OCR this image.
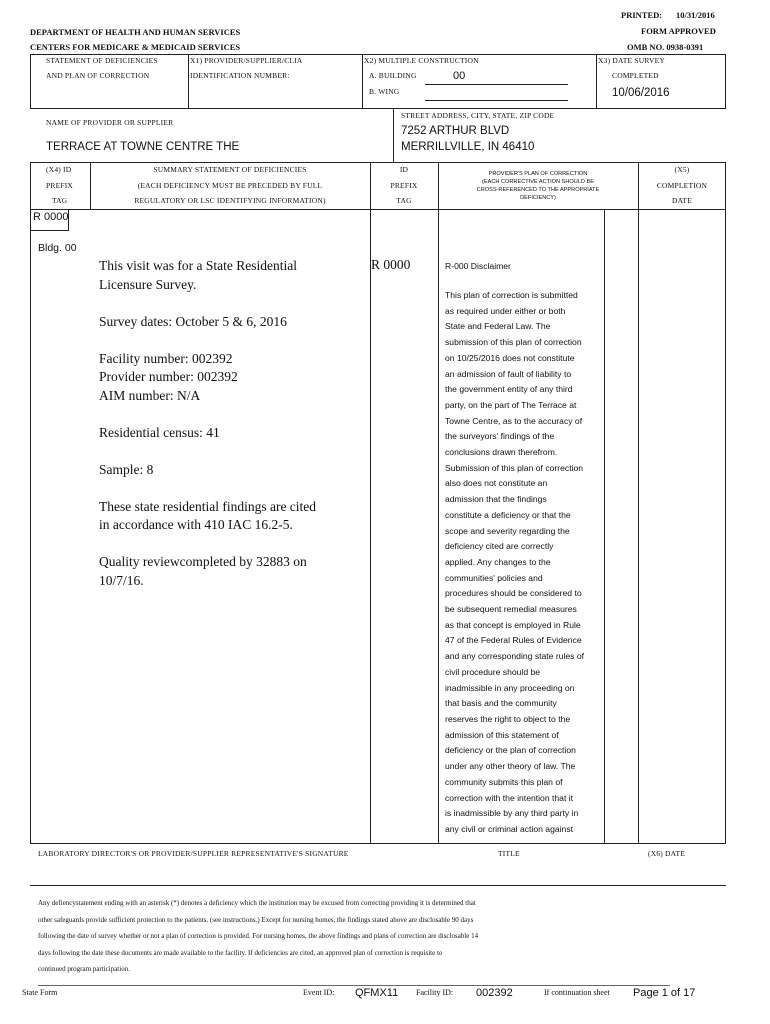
PRINTED: 10/31/2016
DEPARTMENT OF HEALTH AND HUMAN SERVICES	FORM APPROVED
CENTERS FOR MEDICARE & MEDICAID SERVICES	OMB NO. 0938-0391
STATEMENT OF DEFICIENCIES
AND PLAN OF CORRECTION
X1) PROVIDER/SUPPLIER/CLIA
IDENTIFICATION NUMBER:
X2) MULTIPLE CONSTRUCTION
A. BUILDING	00
B. WING
X3) DATE SURVEY
COMPLETED
10/06/2016
NAME OF PROVIDER OR SUPPLIER
TERRACE AT TOWNE CENTRE THE
STREET ADDRESS, CITY, STATE, ZIP CODE
7252 ARTHUR BLVD
MERRILLVILLE, IN 46410
(X4) ID
PREFIX
TAG
SUMMARY STATEMENT OF DEFICIENCIES
(EACH DEFICIENCY MUST BE PRECEDED BY FULL
REGULATORY OR LSC IDENTIFYING INFORMATION)
ID
PREFIX
TAG
PROVIDER'S PLAN OF CORRECTION
(EACH CORRECTIVE ACTION SHOULD BE
CROSS-REFERENCED TO THE APPROPRIATE
DEFICIENCY)
(X5)
COMPLETION
DATE
R 0000
Bldg. 00
This visit was for a State Residential
Licensure Survey.
Survey dates: October 5 & 6, 2016
Facility number: 002392
Provider number: 002392
AIM number: N/A
Residential census: 41
Sample: 8
These state residential findings are cited
in accordance with 410 IAC 16.2-5.
Quality reviewcompleted by 32883 on
10/7/16.
R 0000	R-000 Disclaimer
This plan of correction is submitted
as required under either or both
State and Federal Law. The
submission of this plan of correction
on 10/25/2016 does not constitute
an admission of fault of liability to
the government entity of any third
party, on the part of The Terrace at
Towne Centre, as to the accuracy of
the surveyors' findings of the
conclusions drawn therefrom.
Submission of this plan of correction
also does not constitute an
admission that the findings
constitute a deficiency or that the
scope and severity regarding the
deficiency cited are correctly
applied. Any changes to the
communities' policies and
procedures should be considered to
be subsequent remedial measures
as that concept is employed in Rule
47 of the Federal Rules of Evidence
and any corresponding state rules of
civil procedure should be
inadmissible in any proceeding on
that basis and the community
reserves the right to object to the
admission of this statement of
deficiency or the plan of correction
under any other theory of law. The
community submits this plan of
correction with the intention that it
is inadmissible by any third party in
any civil or criminal action against
LABORATORY DIRECTOR'S OR PROVIDER/SUPPLIER REPRESENTATIVE'S SIGNATURE	TITLE	(X6) DATE
Any defiencystatement ending with an asterisk (*) denotes a deficiency which the institution may be excused from correcting providing it is determined that
other safeguards provide sufficient protection to the patients. (see instructions.) Except for nursing homes, the findings stated above are disclosable 90 days
following the date of survey whether or not a plan of correction is provided. For nursing homes, the above findings and plans of correction are disclosable 14
days following the date these documents are made available to the facility. If deficiencies are cited, an approved plan of correction is requisite to
continued program participation.
State Form	Event ID: QFMX11 Facility ID: 002392	If continuation sheet Page 1 of 17
